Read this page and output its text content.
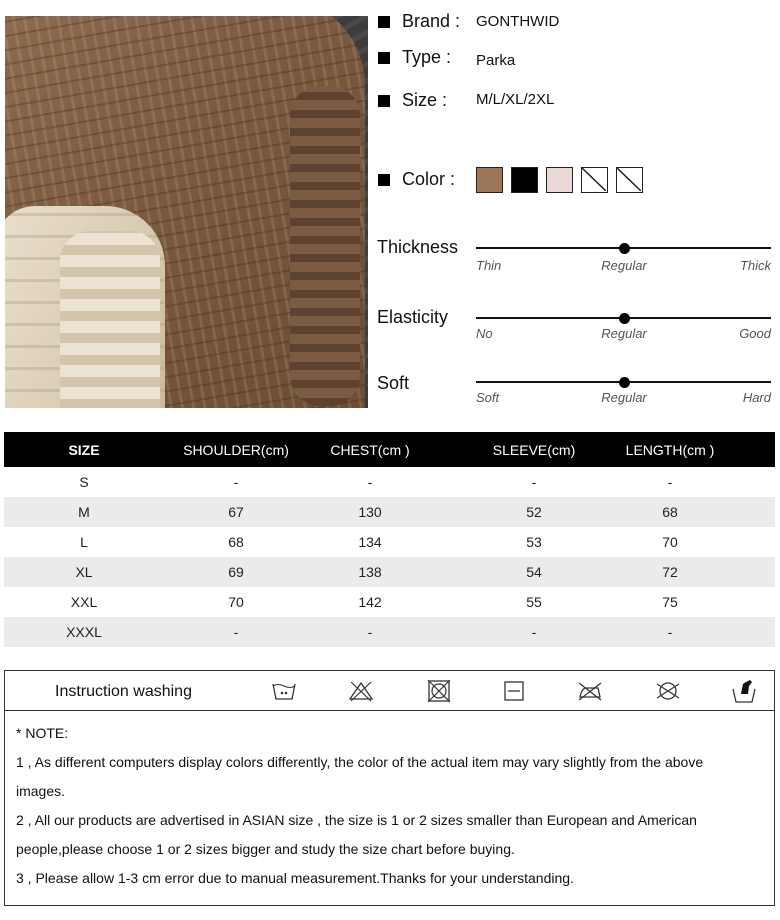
Brand : GONTHWID
Type : Parka
Size : M/L/XL/2XL
Color :
Thickness
Thin	Regular	Thick
Elasticity
No	Regular	Good
Soft
Soft	Regular	Hard
SIZE	SHOULDER(cm)	CHEST(cm )	SLEEVE(cm)	LENGTH(cm )
S	-	-	-	-
M	67	130	52	68
L	68	134	53	70
XL	69	138	54	72
XXL	70	142	55	75
XXXL	-	-	-	-
Instruction washing
* NOTE:
1 , As different computers display colors differently, the color of the actual item may vary slightly from the above
images.
2 , All our products are advertised in ASIAN size , the size is 1 or 2 sizes smaller than European and American
people,please choose 1 or 2 sizes bigger and study the size chart before buying.
3 , Please allow 1-3 cm error due to manual measurement.Thanks for your understanding.
